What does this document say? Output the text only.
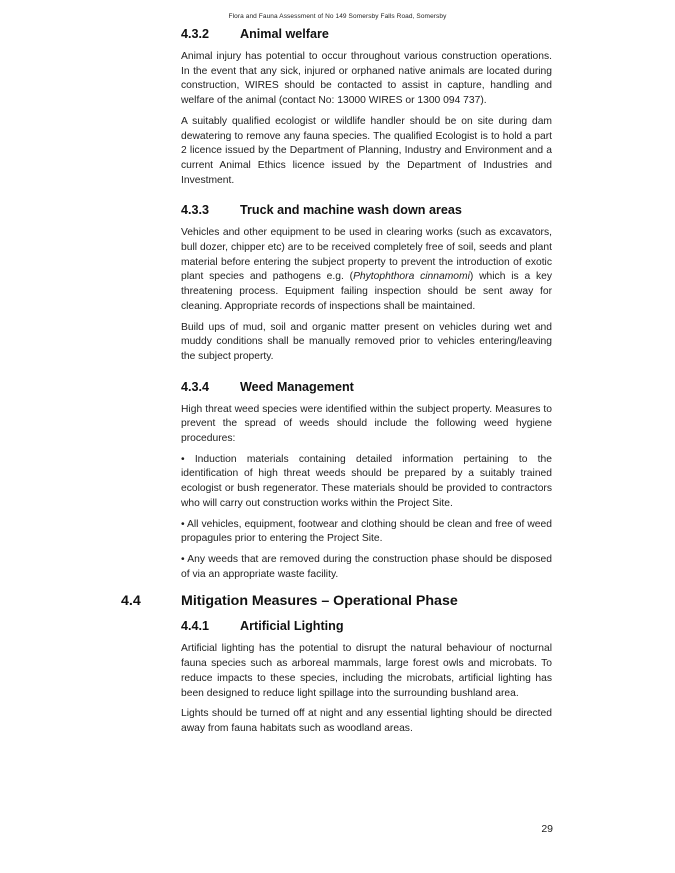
Flora and Fauna Assessment of No 149 Somersby Falls Road, Somersby
4.3.2	Animal welfare

Animal injury has potential to occur throughout various construction operations. In the event that any sick, injured or orphaned native animals are located during construction, WIRES should be contacted to assist in capture, handling and welfare of the animal (contact No: 13000 WIRES or 1300 094 737).

A suitably qualified ecologist or wildlife handler should be on site during dam dewatering to remove any fauna species. The qualified Ecologist is to hold a part 2 licence issued by the Department of Planning, Industry and Environment and a current Animal Ethics licence issued by the Department of Industries and Investment.

4.3.3	Truck and machine wash down areas

Vehicles and other equipment to be used in clearing works (such as excavators, bull dozer, chipper etc) are to be received completely free of soil, seeds and plant material before entering the subject property to prevent the introduction of exotic plant species and pathogens e.g. (Phytophthora cinnamomi) which is a key threatening process. Equipment failing inspection should be sent away for cleaning. Appropriate records of inspections shall be maintained.

Build ups of mud, soil and organic matter present on vehicles during wet and muddy conditions shall be manually removed prior to vehicles entering/leaving the subject property.

4.3.4	Weed Management

High threat weed species were identified within the subject property. Measures to prevent the spread of weeds should include the following weed hygiene procedures:

• Induction materials containing detailed information pertaining to the identification of high threat weeds should be prepared by a suitably trained ecologist or bush regenerator. These materials should be provided to contractors who will carry out construction works within the Project Site.

• All vehicles, equipment, footwear and clothing should be clean and free of weed propagules prior to entering the Project Site.

• Any weeds that are removed during the construction phase should be disposed of via an appropriate waste facility.

4.4	Mitigation Measures – Operational Phase
4.4.1	Artificial Lighting

Artificial lighting has the potential to disrupt the natural behaviour of nocturnal fauna species such as arboreal mammals, large forest owls and microbats. To reduce impacts to these species, including the microbats, artificial lighting has been designed to reduce light spillage into the surrounding bushland area.

Lights should be turned off at night and any essential lighting should be directed away from fauna habitats such as woodland areas.

29
